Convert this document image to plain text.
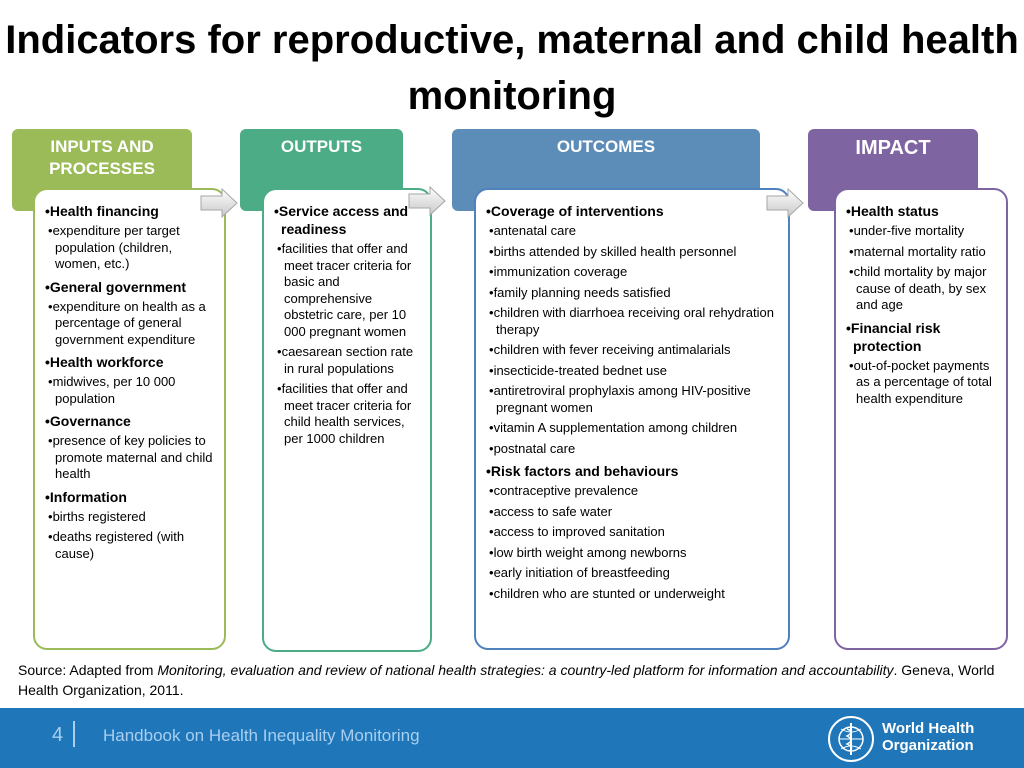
Indicators for reproductive, maternal and child health monitoring
INPUTS AND
PROCESSES
OUTPUTS	OUTCOMES	IMPACT
• Health financing
• expenditure per target population (children, women, etc.)
• General government
• expenditure on health as a percentage of general government expenditure
• Health workforce
• midwives, per 10 000 population
• Governance
• presence of key policies to promote maternal and child health
• Information
• births registered
• deaths registered (with cause)
• Service access and readiness
• facilities that offer and meet tracer criteria for basic and comprehensive obstetric care, per 10 000 pregnant women
• caesarean section rate in rural populations
• facilities that offer and meet tracer criteria for child health services, per 1000 children
• Coverage of interventions
• antenatal care
• births attended by skilled health personnel
• immunization coverage
• family planning needs satisfied
• children with diarrhoea receiving oral rehydration therapy
• children with fever receiving antimalarials
• insecticide-treated bednet use
• antiretroviral prophylaxis among HIV-positive pregnant women
• vitamin A supplementation among children
• postnatal care
• Risk factors and behaviours
• contraceptive prevalence
• access to safe water
• access to improved sanitation
• low birth weight among newborns
• early initiation of breastfeeding
• children who are stunted or underweight
• Health status
• under-five mortality
• maternal mortality ratio
• child mortality by major cause of death, by sex and age
• Financial risk protection
• out-of-pocket payments as a percentage of total health expenditure
Source: Adapted from Monitoring, evaluation and review of national health strategies: a country-led platform for information and accountability. Geneva, World Health Organization, 2011.
4 Handbook on Health Inequality Monitoring	World Health
Organization
